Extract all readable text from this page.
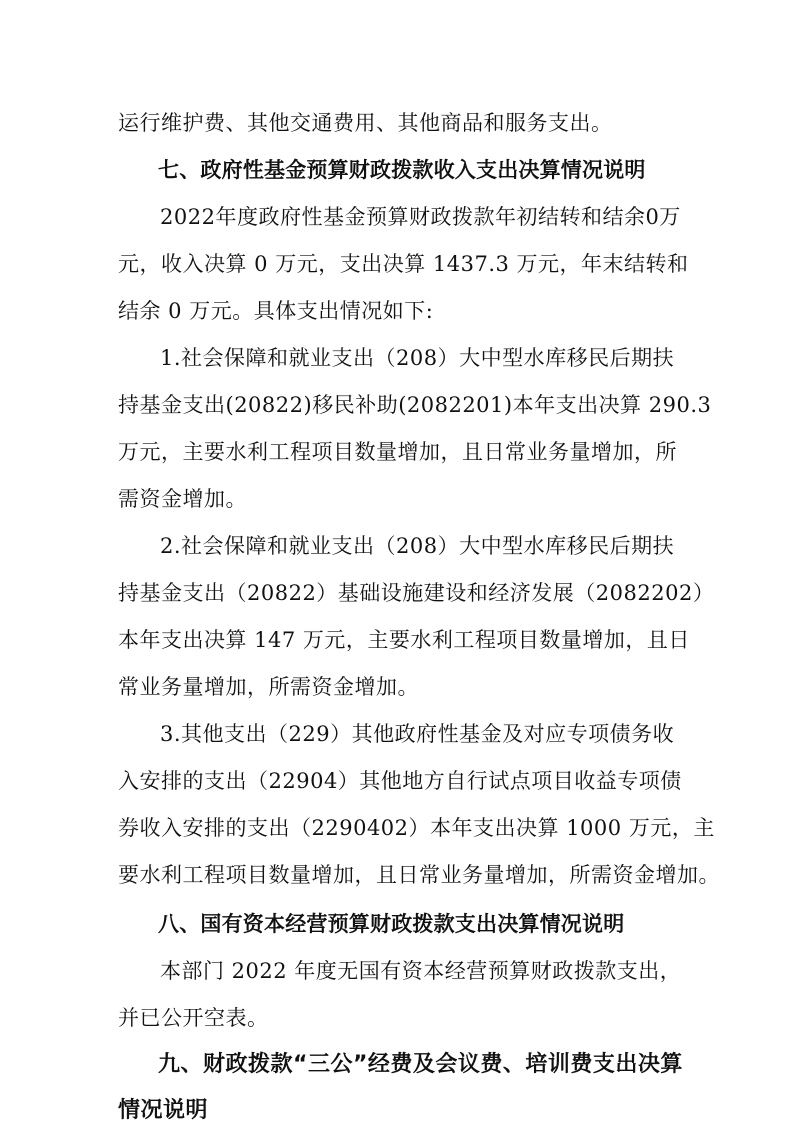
运行维护费、其他交通费用、其他商品和服务支出。
七、政府性基金预算财政拨款收入支出决算情况说明
2022年度政府性基金预算财政拨款年初结转和结余0万
元，收入决算 0 万元，支出决算 1437.3 万元，年末结转和
结余 0 万元。具体支出情况如下:
1.社会保障和就业支出（208）大中型水库移民后期扶
持基金支出(20822)移民补助(2082201)本年支出决算 290.3
万元，主要水利工程项目数量增加，且日常业务量增加，所
需资金增加。
2.社会保障和就业支出（208）大中型水库移民后期扶
持基金支出（20822）基础设施建设和经济发展（2082202）
本年支出决算 147 万元，主要水利工程项目数量增加，且日
常业务量增加，所需资金增加。
3.其他支出（229）其他政府性基金及对应专项债务收
入安排的支出（22904）其他地方自行试点项目收益专项债
券收入安排的支出（2290402）本年支出决算 1000 万元，主
要水利工程项目数量增加，且日常业务量增加，所需资金增加。
八、国有资本经营预算财政拨款支出决算情况说明
本部门 2022 年度无国有资本经营预算财政拨款支出，
并已公开空表。
九、财政拨款“三公”经费及会议费、培训费支出决算
情况说明
